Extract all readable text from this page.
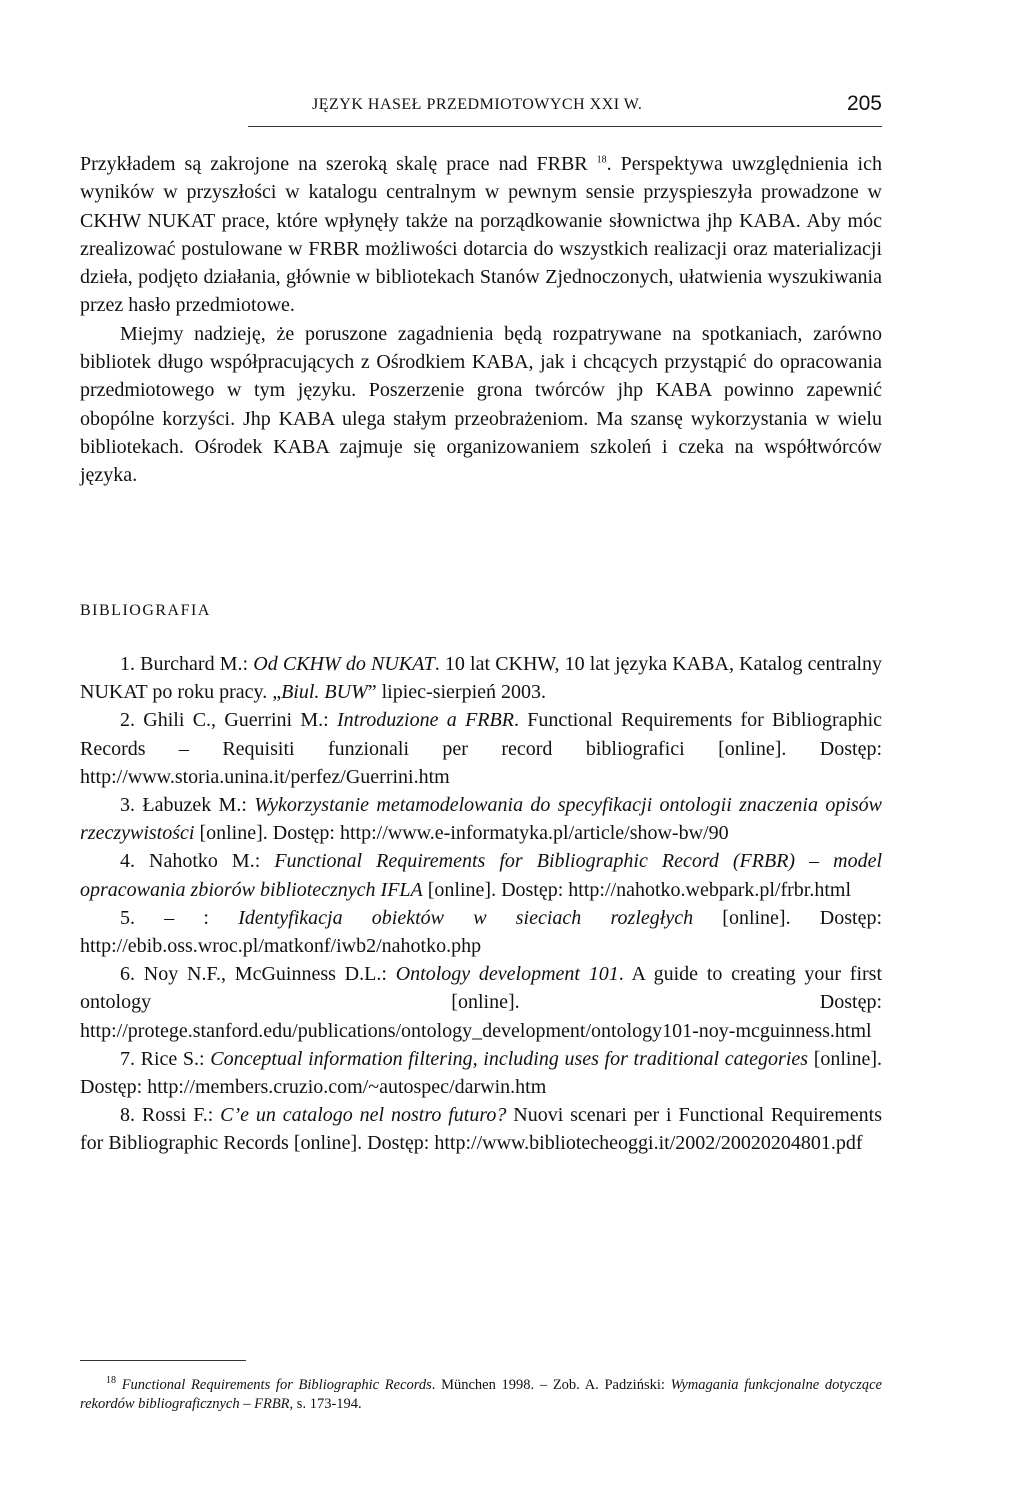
JĘZYK HASEŁ PRZEDMIOTOWYCH XXI W.	205

Przykładem są zakrojone na szeroką skalę prace nad FRBR $^{18}$. Perspektywa uwzględnienia ich wyników w przyszłości w katalogu centralnym w pewnym sensie przyspieszyła prowadzone w CKHW NUKAT prace, które wpłynęły także na porządkowanie słownictwa jhp KABA. Aby móc zrealizować postulowane w FRBR możliwości dotarcia do wszystkich realizacji oraz materializacji dzieła, podjęto działania, głównie w bibliotekach Stanów Zjednoczonych, ułatwienia wyszukiwania przez hasło przedmiotowe.

Miejmy nadzieję, że poruszone zagadnienia będą rozpatrywane na spotkaniach, zarówno bibliotek długo współpracujących z Ośrodkiem KABA, jak i chcących przystąpić do opracowania przedmiotowego w tym języku. Poszerzenie grona twórców jhp KABA powinno zapewnić obopólne korzyści. Jhp KABA ulega stałym przeobrażeniom. Ma szansę wykorzystania w wielu bibliotekach. Ośrodek KABA zajmuje się organizowaniem szkoleń i czeka na współtwórców języka.

BIBLIOGRAFIA

1. Burchard M.: Od CKHW do NUKAT. 10 lat CKHW, 10 lat języka KABA, Katalog centralny NUKAT po roku pracy. „Biul. BUW” lipiec-sierpień 2003.

2. Ghili C., Guerrini M.: Introduzione a FRBR. Functional Requirements for Bibliographic Records – Requisiti funzionali per record bibliografici [online]. Dostęp: http://www.storia.unina.it/perfez/Guerrini.htm

3. Łabuzek M.: Wykorzystanie metamodelowania do specyfikacji ontologii znaczenia opisów rzeczywistości [online]. Dostęp: http://www.e-informatyka.pl/article/show-bw/90

4. Nahotko M.: Functional Requirements for Bibliographic Record (FRBR) – model opracowania zbiorów bibliotecznych IFLA [online]. Dostęp: http://nahotko.webpark.pl/frbr.html

5. – : Identyfikacja obiektów w sieciach rozległych [online]. Dostęp: http://ebib.oss.wroc.pl/matkonf/iwb2/nahotko.php

6. Noy N.F., McGuinness D.L.: Ontology development 101. A guide to creating your first ontology [online]. Dostęp: http://protege.stanford.edu/publications/ontology_development/ontology101-noy-mcguinness.html

7. Rice S.: Conceptual information filtering, including uses for traditional categories [online]. Dostęp: http://members.cruzio.com/~autospec/darwin.htm

8. Rossi F.: C’e un catalogo nel nostro futuro? Nuovi scenari per i Functional Requirements for Bibliographic Records [online]. Dostęp: http://www.bibliotecheoggi.it/2002/20020204801.pdf

$^{18}$ Functional Requirements for Bibliographic Records. München 1998. – Zob. A. Padziński: Wymagania funkcjonalne dotyczące rekordów bibliograficznych – FRBR, s. 173-194.
